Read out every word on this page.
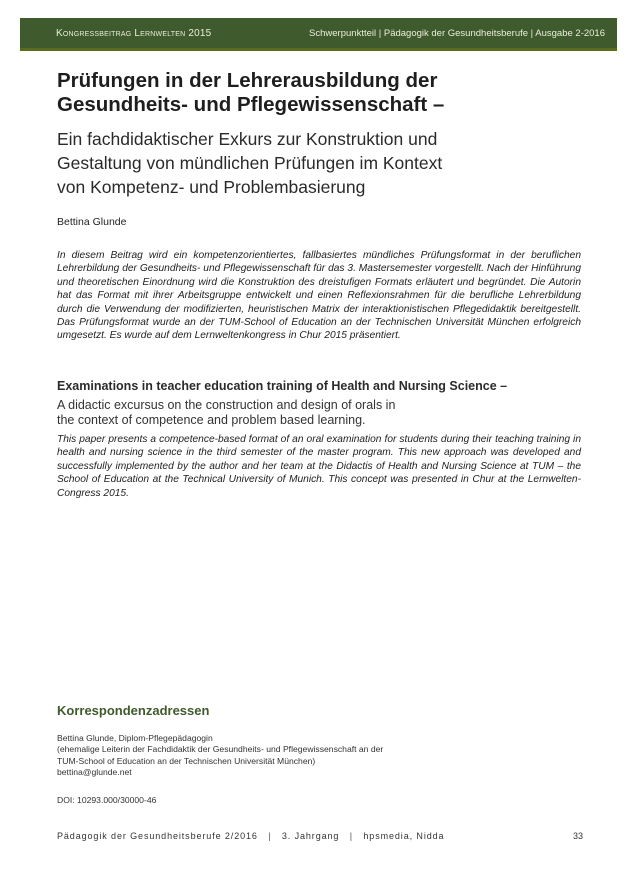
Kongressbeitrag Lernwelten 2015	Schwerpunktteil | Pädagogik der Gesundheitsberufe | Ausgabe 2-2016
Prüfungen in der Lehrerausbildung der
Gesundheits- und Pflegewissenschaft –
Ein fachdidaktischer Exkurs zur Konstruktion und
Gestaltung von mündlichen Prüfungen im Kontext
von Kompetenz- und Problembasierung
Bettina Glunde

In diesem Beitrag wird ein kompetenzorientiertes, fallbasiertes mündliches Prüfungsformat in der beruflichen Lehrerbildung der Gesundheits- und Pflegewissenschaft für das 3. Mastersemester vorgestellt. Nach der Hinführung und theoretischen Einordnung wird die Konstruktion des dreistufigen Formats erläutert und begründet. Die Autorin hat das Format mit ihrer Arbeitsgruppe entwickelt und einen Reflexionsrahmen für die berufliche Lehrerbildung durch die Verwendung der modifizierten, heuristischen Matrix der interaktionistischen Pflegedidaktik bereitgestellt. Das Prüfungsformat wurde an der TUM-School of Education an der Technischen Universität München erfolgreich umgesetzt. Es wurde auf dem Lernweltenkongress in Chur 2015 präsentiert.

Examinations in teacher education training of Health and Nursing Science –
A didactic excursus on the construction and design of orals in
the context of competence and problem based learning.

This paper presents a competence-based format of an oral examination for students during their teaching training in health and nursing science in the third semester of the master program. This new approach was developed and successfully implemented by the author and her team at the Didactis of Health and Nursing Science at TUM – the School of Education at the Technical University of Munich. This concept was presented in Chur at the Lernwelten-Congress 2015.

Korrespondenzadressen
Bettina Glunde, Diplom-Pflegepädagogin
(ehemalige Leiterin der Fachdidaktik der Gesundheits- und Pflegewissenschaft an der
TUM-School of Education an der Technischen Universität München)
bettina@glunde.net
DOI: 10293.000/30000-46
Pädagogik der Gesundheitsberufe 2/2016 | 3. Jahrgang | hpsmedia, Nidda	33
